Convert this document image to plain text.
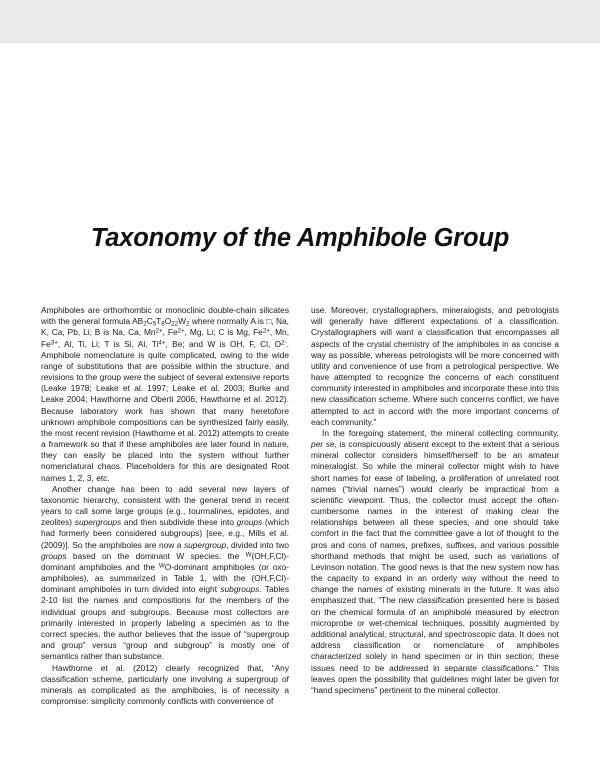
Taxonomy of the Amphibole Group

Amphiboles are orthorhombic or monoclinic double-chain silicates with the general formula $AB_2C_5T_8O_{22}W_2$ where normally A is □, Na, K, Ca, Pb, Li; B is Na, Ca, $Mn^{2+}$, $Fe^{2+}$, Mg, Li; C is Mg, $Fe^{2+}$, Mn, $Fe^{3+}$, Al, Ti, Li; T is Si, Al, $Ti^{4+}$, Be; and W is OH, F, Cl, $O^{2-}$. Amphibole nomenclature is quite complicated, owing to the wide range of substitutions that are possible within the structure, and revisions to the group were the subject of several extensive reports (Leake 1978; Leake et al. 1997; Leake et al. 2003; Burke and Leake 2004; Hawthorne and Oberti 2006; Hawthorne et al. 2012). Because laboratory work has shown that many heretofore unknown amphibole compositions can be synthesized fairly easily, the most recent revision (Hawthorne et al. 2012) attempts to create a framework so that if these amphiboles are later found in nature, they can easily be placed into the system without further nomenclatural chaos. Placeholders for this are designated Root names 1, 2, 3, etc.

Another change has been to add several new layers of taxonomic hierarchy, consistent with the general trend in recent years to call some large groups (e.g., tourmalines, epidotes, and zeolites) supergroups and then subdivide these into groups (which had formerly been considered subgroups) [see, e.g., Mills et al. (2009)]. So the amphiboles are now a supergroup, divided into two groups based on the dominant W species: the $^W$(OH,F,Cl)-dominant amphiboles and the $^W$O-dominant amphiboles (or oxo-amphiboles), as summarized in Table 1, with the (OH,F,Cl)-dominant amphiboles in turn divided into eight subgroups. Tables 2-10 list the names and compositions for the members of the individual groups and subgroups. Because most collectors are primarily interested in properly labeling a specimen as to the correct species, the author believes that the issue of “supergroup and group” versus “group and subgroup” is mostly one of semantics rather than substance.

Hawthorne et al. (2012) clearly recognized that, “Any classification scheme, particularly one involving a supergroup of minerals as complicated as the amphiboles, is of necessity a compromise: simplicity commonly conflicts with convenience of

use. Moreover, crystallographers, mineralogists, and petrologists will generally have different expectations of a classification. Crystallographers will want a classification that encompasses all aspects of the crystal chemistry of the amphiboles in as concise a way as possible, whereas petrologists will be more concerned with utility and convenience of use from a petrological perspective. We have attempted to recognize the concerns of each constituent community interested in amphiboles and incorporate these into this new classification scheme. Where such concerns conflict, we have attempted to act in accord with the more important concerns of each community.”

In the foregoing statement, the mineral collecting community, per se, is conspicuously absent except to the extent that a serious mineral collector considers himself/herself to be an amateur mineralogist. So while the mineral collector might wish to have short names for ease of labeling, a proliferation of unrelated root names (“trivial names”) would clearly be impractical from a scientific viewpoint. Thus, the collector must accept the often-cumbersome names in the interest of making clear the relationships between all these species, and one should take comfort in the fact that the committee gave a lot of thought to the pros and cons of names, prefixes, suffixes, and various possible shorthand methods that might be used, such as variations of Levinson notation. The good news is that the new system now has the capacity to expand in an orderly way without the need to change the names of existing minerals in the future. It was also emphasized that, “The new classification presented here is based on the chemical formula of an amphibole measured by electron microprobe or wet-chemical techniques, possibly augmented by additional analytical, structural, and spectroscopic data. It does not address classification or nomenclature of amphiboles characterized solely in hand specimen or in thin section; these issues need to be addressed in separate classifications.” This leaves open the possibility that guidelines might later be given for “hand specimens” pertinent to the mineral collector.
